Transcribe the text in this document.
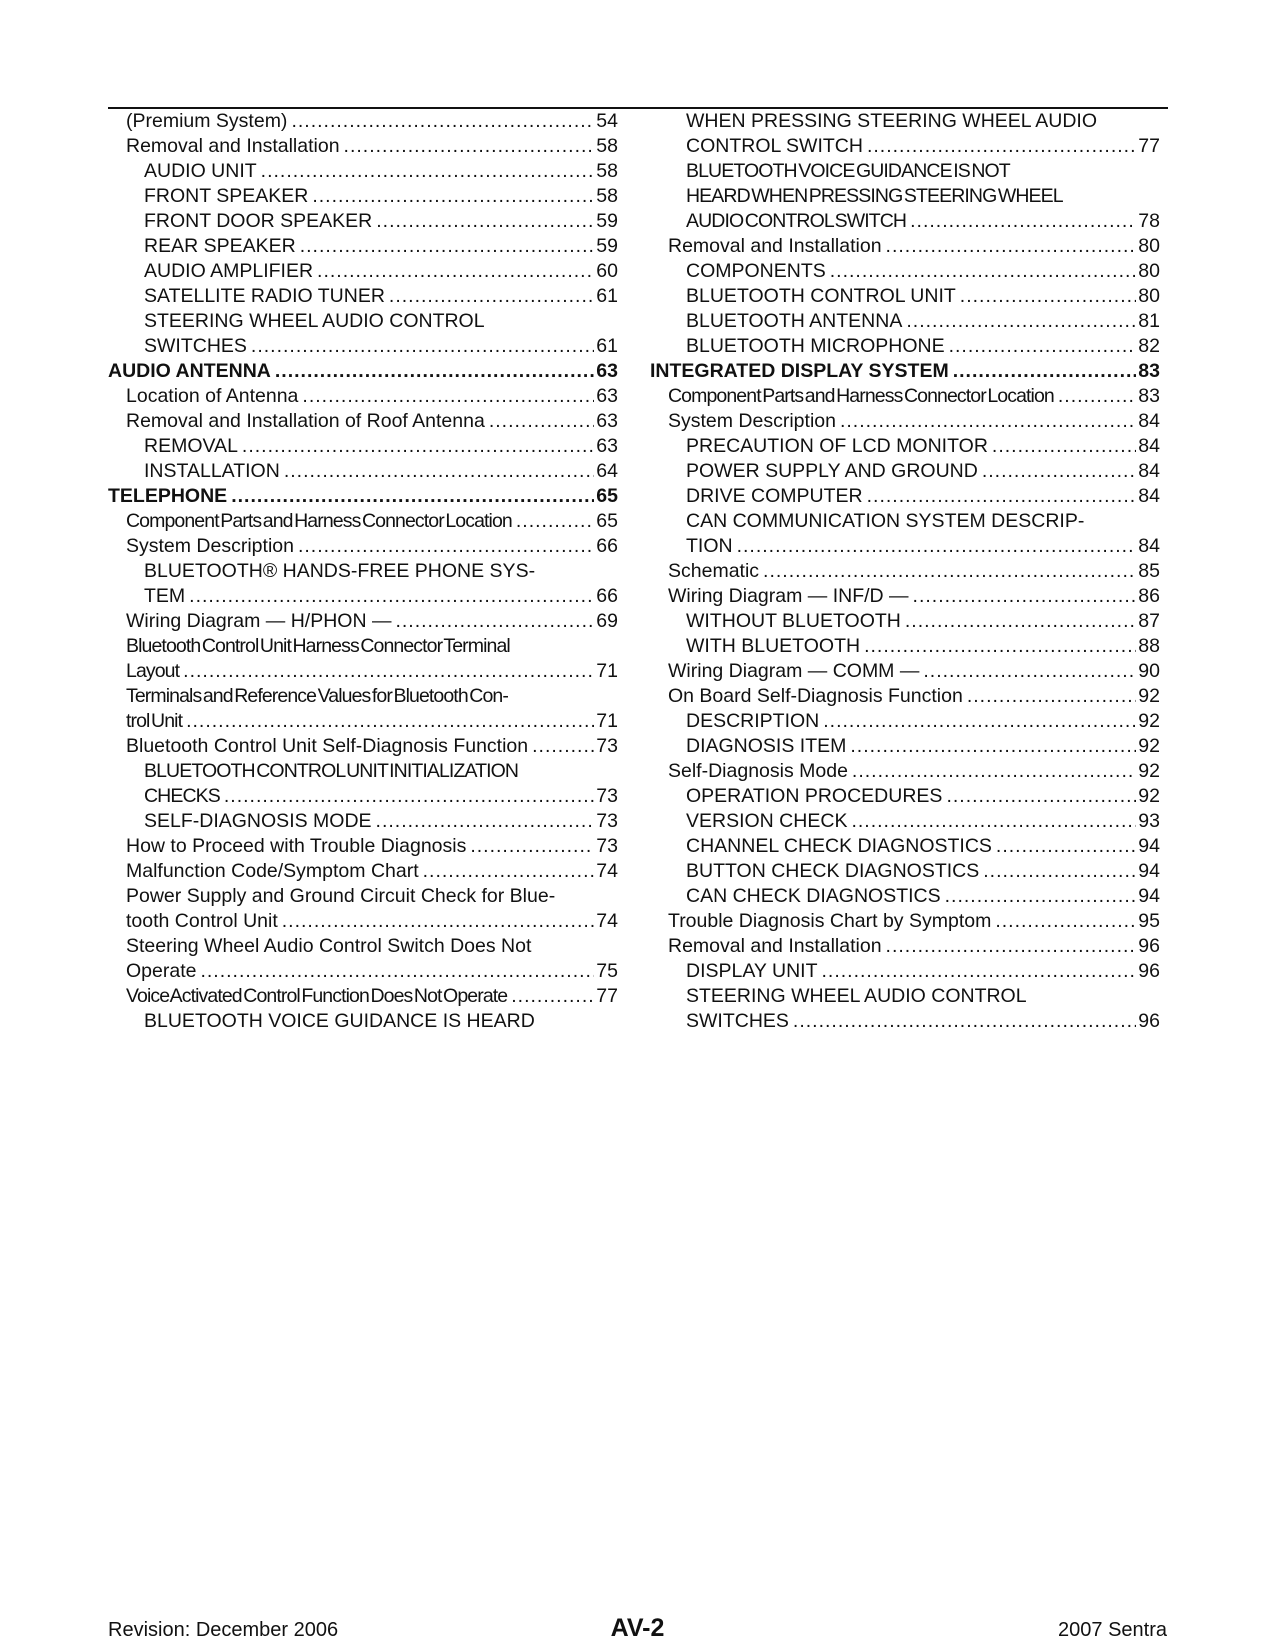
(Premium System) .....	54
Removal and Installation .....	58
AUDIO UNIT .....	58
FRONT SPEAKER .....	58
FRONT DOOR SPEAKER .....	59
REAR SPEAKER .....	59
AUDIO AMPLIFIER .....	60
SATELLITE RADIO TUNER .....	61
STEERING WHEEL AUDIO CONTROL
SWITCHES .....	61
AUDIO ANTENNA .....	63
Location of Antenna .....	63
Removal and Installation of Roof Antenna .....	63
REMOVAL .....	63
INSTALLATION .....	64
TELEPHONE .....	65
Component Parts and Harness Connector Location .....	65
System Description .....	66
BLUETOOTH® HANDS-FREE PHONE SYS-
TEM .....	66
Wiring Diagram — H/PHON — .....	69
Bluetooth Control Unit Harness Connector Terminal
Layout .....	71
Terminals and Reference Values for Bluetooth Con-
trol Unit .....	71
Bluetooth Control Unit Self-Diagnosis Function .....	73
BLUETOOTH CONTROL UNIT INITIALIZATION
CHECKS .....	73
SELF-DIAGNOSIS MODE .....	73
How to Proceed with Trouble Diagnosis .....	73
Malfunction Code/Symptom Chart .....	74
Power Supply and Ground Circuit Check for Blue-
tooth Control Unit .....	74
Steering Wheel Audio Control Switch Does Not
Operate .....	75
Voice Activated Control Function Does Not Operate .....	77
BLUETOOTH VOICE GUIDANCE IS HEARD
WHEN PRESSING STEERING WHEEL AUDIO
CONTROL SWITCH .....	77
BLUETOOTH VOICE GUIDANCE IS NOT
HEARD WHEN PRESSING STEERING WHEEL
AUDIO CONTROL SWITCH .....	78
Removal and Installation .....	80
COMPONENTS .....	80
BLUETOOTH CONTROL UNIT .....	80
BLUETOOTH ANTENNA .....	81
BLUETOOTH MICROPHONE .....	82
INTEGRATED DISPLAY SYSTEM .....	83
Component Parts and Harness Connector Location .....	83
System Description .....	84
PRECAUTION OF LCD MONITOR .....	84
POWER SUPPLY AND GROUND .....	84
DRIVE COMPUTER .....	84
CAN COMMUNICATION SYSTEM DESCRIP-
TION .....	84
Schematic .....	85
Wiring Diagram — INF/D — .....	86
WITHOUT BLUETOOTH .....	87
WITH BLUETOOTH .....	88
Wiring Diagram — COMM — .....	90
On Board Self-Diagnosis Function .....	92
DESCRIPTION .....	92
DIAGNOSIS ITEM .....	92
Self-Diagnosis Mode .....	92
OPERATION PROCEDURES .....	92
VERSION CHECK .....	93
CHANNEL CHECK DIAGNOSTICS .....	94
BUTTON CHECK DIAGNOSTICS .....	94
CAN CHECK DIAGNOSTICS .....	94
Trouble Diagnosis Chart by Symptom .....	95
Removal and Installation .....	96
DISPLAY UNIT .....	96
STEERING WHEEL AUDIO CONTROL
SWITCHES .....	96
Revision: December 2006	AV-2	2007 Sentra
